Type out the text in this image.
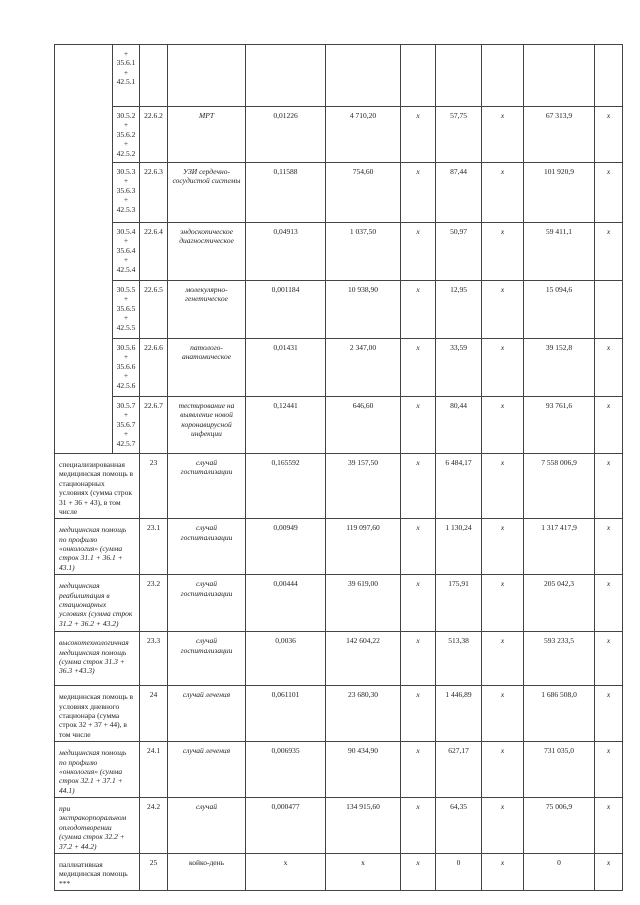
	+
35.6.1
+
42.5.1									

	30.5.2
+
35.6.2
+
42.5.2	22.6.2	МРТ	0,01226	4 710,20	х	57,75	х	67 313,9	х

	30.5.3
+
35.6.3
+
42.5.3	22.6.3	УЗИ сердечно-сосудистой системы	0,11588	754,60	х	87,44	х	101 920,9	х

	30.5.4
+
35.6.4
+
42.5.4	22.6.4	эндоскопическое диагностическое	0,04913	1 037,50	х	50,97	х	59 411,1	х

	30.5.5
+
35.6.5
+
42.5.5	22.6.5	молекулярно-генетическое	0,001184	10 938,90	х	12,95	х	15 094,6	

	30.5.6
+
35.6.6
+
42.5.6	22.6.6	патолого-анатомическое	0,01431	2 347,00	х	33,59	х	39 152,8	х

	30.5.7
+
35.6.7
+
42.5.7	22.6.7	тестирование на выявление новой коронавирусной инфекции	0,12441	646,60	х	80,44	х	93 761,6	х
специализированная медицинская помощь в стационарных условиях (сумма строк 31 + 36 + 43), в том числе		23	случай госпитализации	0,165592	39 157,50	х	6 484,17	х	7 558 006,9	х
медицинская помощь по профилю «онкология» (сумма строк 31.1 + 36.1 + 43.1)		23.1	случай госпитализации	0,00949	119 097,60	х	1 130,24	х	1 317 417,9	х
медицинская реабилитация в стационарных условиях (сумма строк 31.2 + 36.2 + 43.2)		23.2	случай госпитализации	0,00444	39 619,00	х	175,91	х	205 042,3	х
высокотехнологичная медицинская помощь (сумма строк 31.3 + 36.3 +43.3)		23.3	случай госпитализации	0,0036	142 604,22	х	513,38	х	593 233,5	х
медицинская помощь в условиях дневного стационара (сумма строк 32 + 37 + 44), в том числе		24	случай лечения	0,061101	23 680,30	х	1 446,89	х	1 686 508,0	х
медицинская помощь по профилю «онкология» (сумма строк 32.1 + 37.1 + 44.1)		24.1	случай лечения	0,006935	90 434,90	х	627,17	х	731 035,0	х
при экстракорпоральном оплодотворении (сумма строк 32.2 + 37.2 + 44.2)		24.2	случай	0,000477	134 915,60	х	64,35	х	75 006,9	х
паллиативная медицинская помощь ***		25	койко-день	х	х	х	0	х	0	х
